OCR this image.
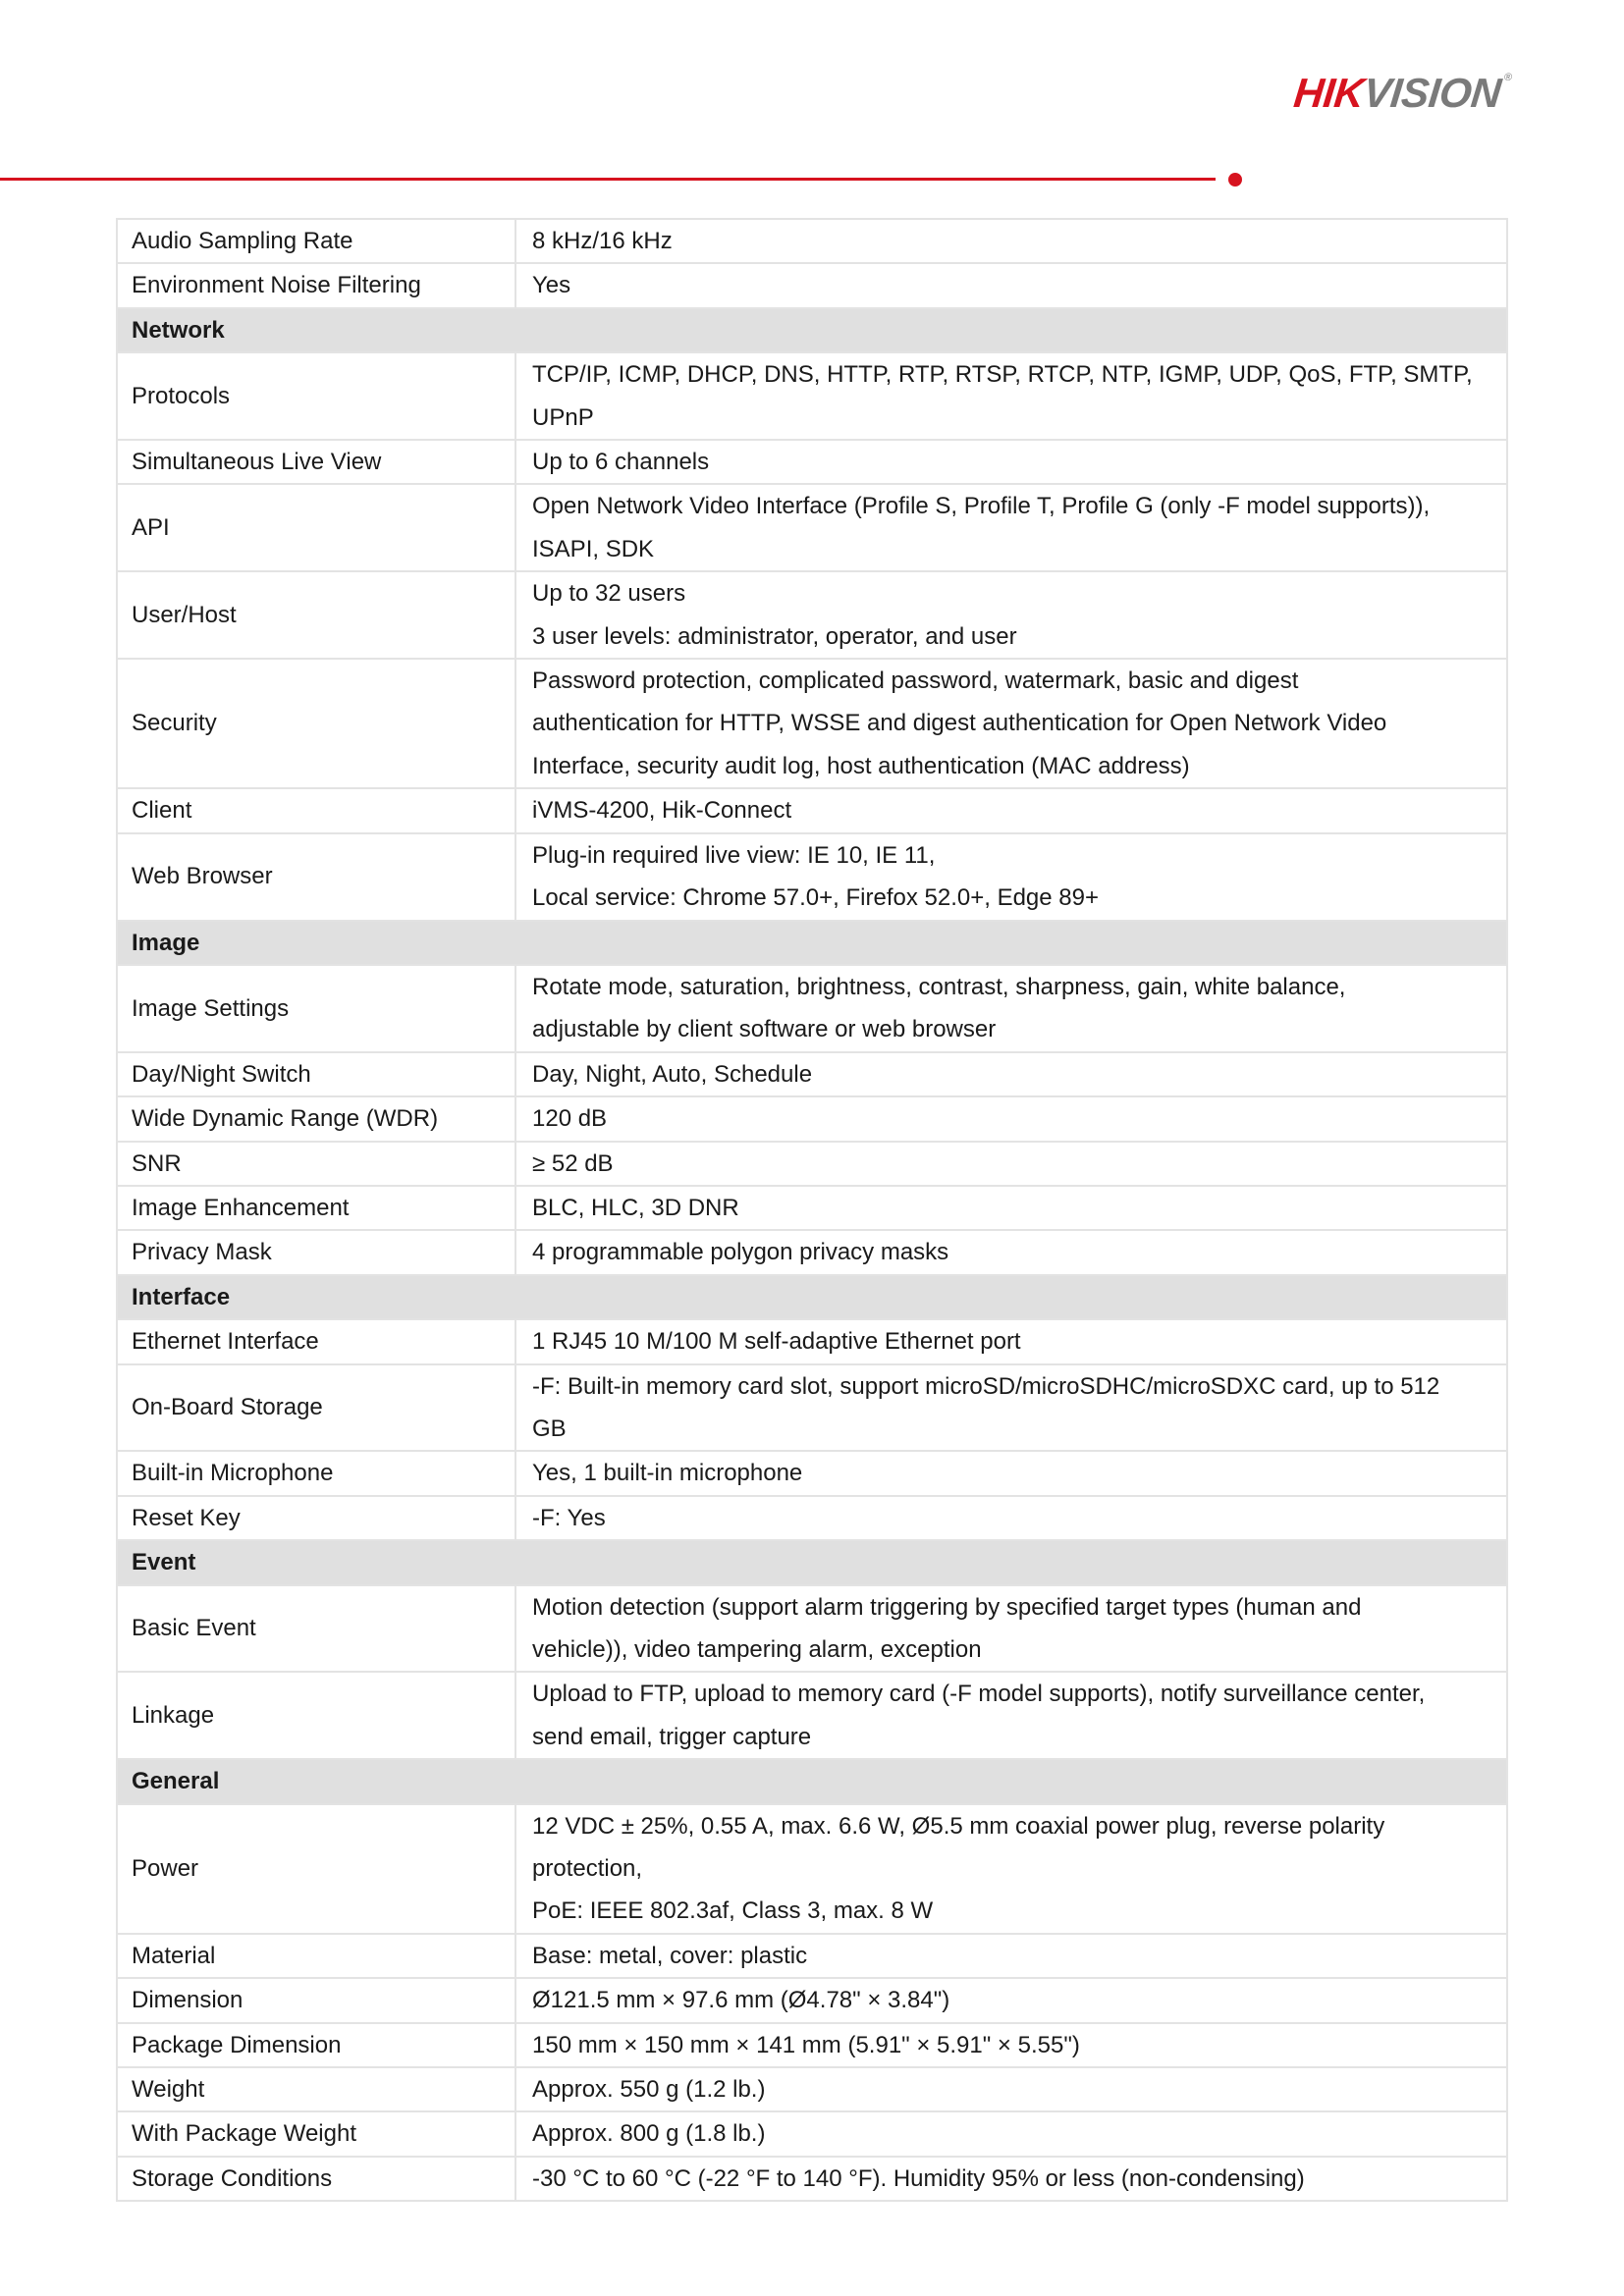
HIKVISION®
Audio Sampling Rate	8 kHz/16 kHz

Environment Noise Filtering	Yes

Network	
Protocols	TCP/IP, ICMP, DHCP, DNS, HTTP, RTP, RTSP, RTCP, NTP, IGMP, UDP, QoS, FTP, SMTP,
UPnP

Simultaneous Live View	Up to 6 channels

API	Open Network Video Interface (Profile S, Profile T, Profile G (only -F model supports)),
ISAPI, SDK

User/Host	Up to 32 users
3 user levels: administrator, operator, and user

Security	Password protection, complicated password, watermark, basic and digest
authentication for HTTP, WSSE and digest authentication for Open Network Video
Interface, security audit log, host authentication (MAC address)

Client	iVMS-4200, Hik-Connect

Web Browser	Plug-in required live view: IE 10, IE 11,
Local service: Chrome 57.0+, Firefox 52.0+, Edge 89+

Image	
Image Settings	Rotate mode, saturation, brightness, contrast, sharpness, gain, white balance,
adjustable by client software or web browser

Day/Night Switch	Day, Night, Auto, Schedule

Wide Dynamic Range (WDR)	120 dB

SNR	≥ 52 dB

Image Enhancement	BLC, HLC, 3D DNR

Privacy Mask	4 programmable polygon privacy masks

Interface	
Ethernet Interface	1 RJ45 10 M/100 M self-adaptive Ethernet port

On-Board Storage	-F: Built-in memory card slot, support microSD/microSDHC/microSDXC card, up to 512
GB

Built-in Microphone	Yes, 1 built-in microphone

Reset Key	-F: Yes

Event	
Basic Event	Motion detection (support alarm triggering by specified target types (human and
vehicle)), video tampering alarm, exception

Linkage	Upload to FTP, upload to memory card (-F model supports), notify surveillance center,
send email, trigger capture

General	
Power	12 VDC ± 25%, 0.55 A, max. 6.6 W, Ø5.5 mm coaxial power plug, reverse polarity
protection,
PoE: IEEE 802.3af, Class 3, max. 8 W

Material	Base: metal, cover: plastic

Dimension	Ø121.5 mm × 97.6 mm (Ø4.78" × 3.84")

Package Dimension	150 mm × 150 mm × 141 mm (5.91" × 5.91" × 5.55")

Weight	Approx. 550 g (1.2 lb.)

With Package Weight	Approx. 800 g (1.8 lb.)

Storage Conditions	-30 °C to 60 °C (-22 °F to 140 °F). Humidity 95% or less (non-condensing)
